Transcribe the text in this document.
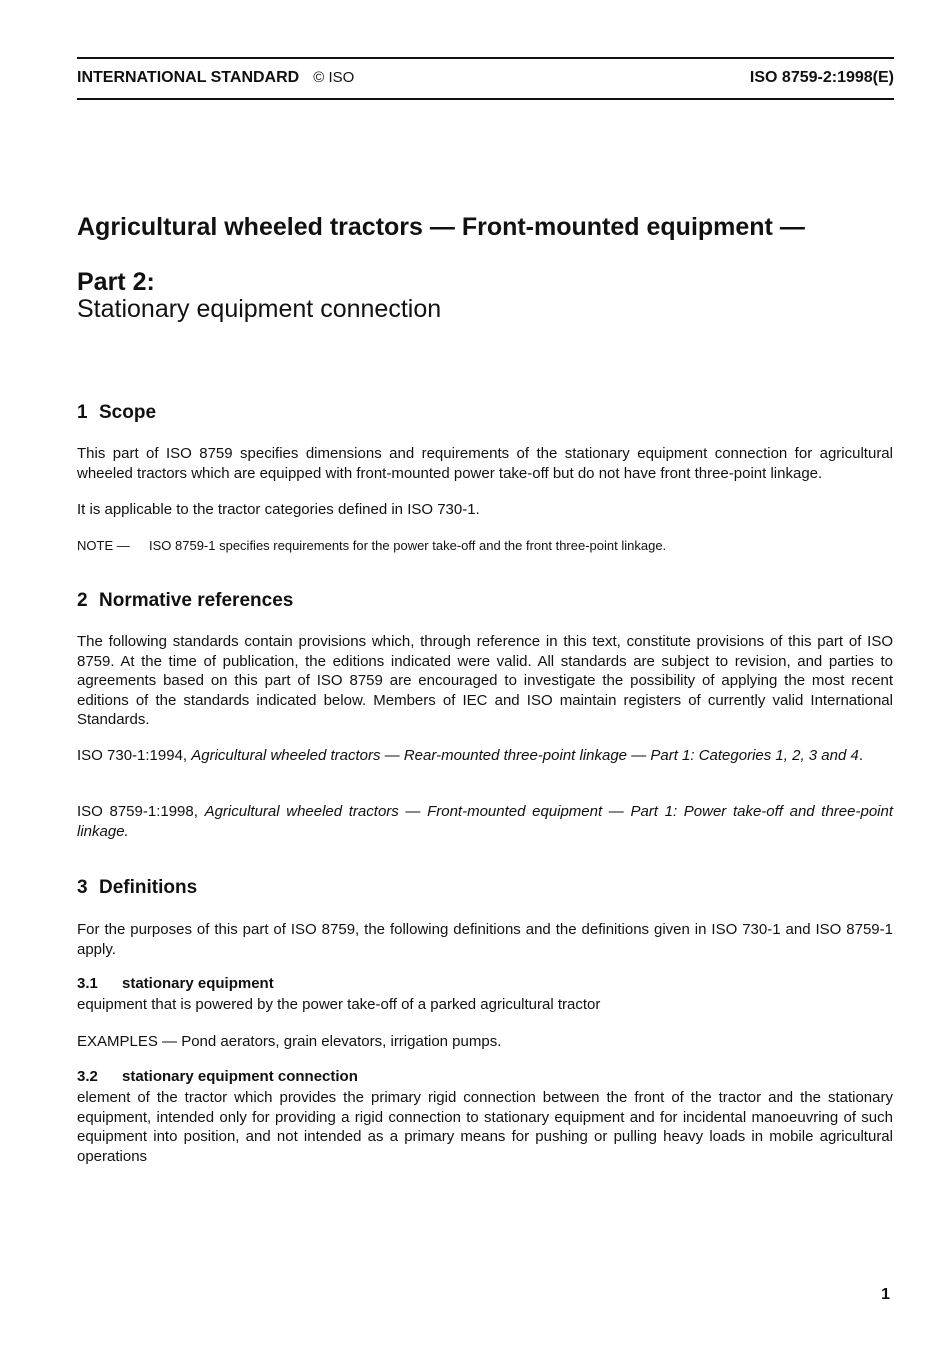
INTERNATIONAL STANDARD © ISO	ISO 8759-2:1998(E)
Agricultural wheeled tractors — Front-mounted equipment —
Part 2:
Stationary equipment connection
1 Scope
This part of ISO 8759 specifies dimensions and requirements of the stationary equipment connection for agricultural wheeled tractors which are equipped with front-mounted power take-off but do not have front three-point linkage.
It is applicable to the tractor categories defined in ISO 730-1.
NOTE — ISO 8759-1 specifies requirements for the power take-off and the front three-point linkage.
2 Normative references
The following standards contain provisions which, through reference in this text, constitute provisions of this part of ISO 8759. At the time of publication, the editions indicated were valid. All standards are subject to revision, and parties to agreements based on this part of ISO 8759 are encouraged to investigate the possibility of applying the most recent editions of the standards indicated below. Members of IEC and ISO maintain registers of currently valid International Standards.
ISO 730-1:1994, Agricultural wheeled tractors — Rear-mounted three-point linkage — Part 1: Categories 1, 2, 3 and 4.
ISO 8759-1:1998, Agricultural wheeled tractors — Front-mounted equipment — Part 1: Power take-off and three-point linkage.
3 Definitions
For the purposes of this part of ISO 8759, the following definitions and the definitions given in ISO 730-1 and ISO 8759-1 apply.
3.1 stationary equipment
equipment that is powered by the power take-off of a parked agricultural tractor
EXAMPLES — Pond aerators, grain elevators, irrigation pumps.
3.2 stationary equipment connection
element of the tractor which provides the primary rigid connection between the front of the tractor and the stationary equipment, intended only for providing a rigid connection to stationary equipment and for incidental manoeuvring of such equipment into position, and not intended as a primary means for pushing or pulling heavy loads in mobile agricultural operations
1
